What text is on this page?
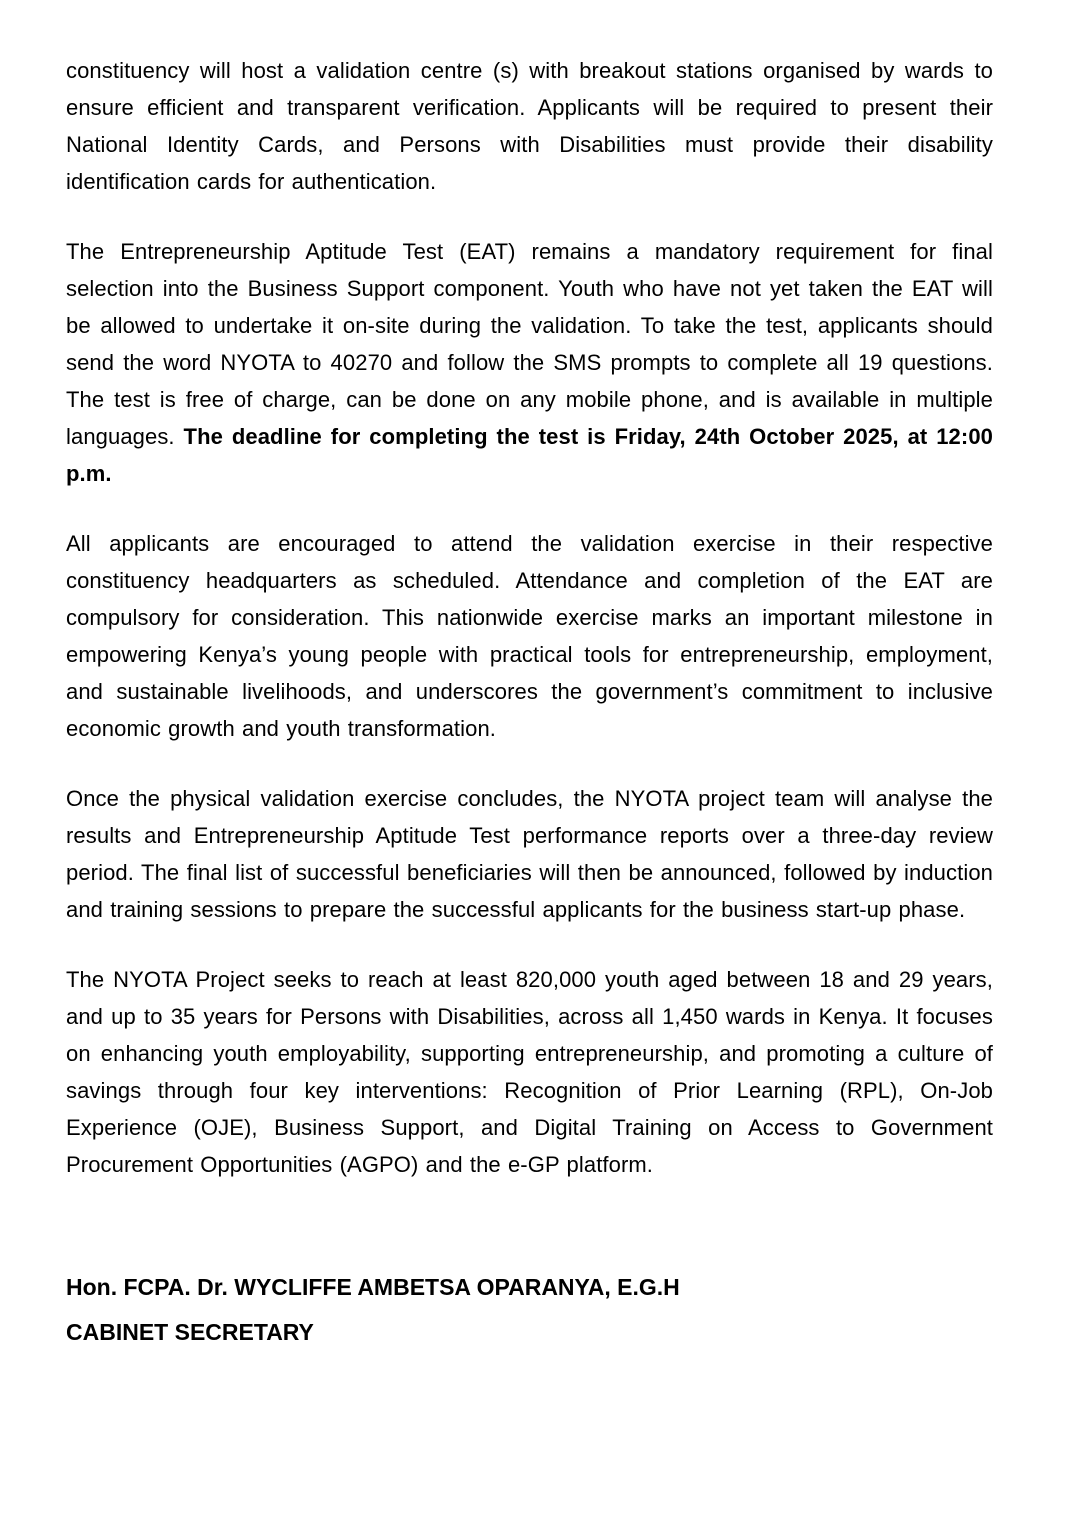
constituency will host a validation centre (s) with breakout stations organised by wards to ensure efficient and transparent verification. Applicants will be required to present their National Identity Cards, and Persons with Disabilities must provide their disability identification cards for authentication.

The Entrepreneurship Aptitude Test (EAT) remains a mandatory requirement for final selection into the Business Support component. Youth who have not yet taken the EAT will be allowed to undertake it on-site during the validation. To take the test, applicants should send the word NYOTA to 40270 and follow the SMS prompts to complete all 19 questions. The test is free of charge, can be done on any mobile phone, and is available in multiple languages. The deadline for completing the test is Friday, 24th October 2025, at 12:00 p.m.

All applicants are encouraged to attend the validation exercise in their respective constituency headquarters as scheduled. Attendance and completion of the EAT are compulsory for consideration. This nationwide exercise marks an important milestone in empowering Kenya’s young people with practical tools for entrepreneurship, employment, and sustainable livelihoods, and underscores the government’s commitment to inclusive economic growth and youth transformation.

Once the physical validation exercise concludes, the NYOTA project team will analyse the results and Entrepreneurship Aptitude Test performance reports over a three-day review period. The final list of successful beneficiaries will then be announced, followed by induction and training sessions to prepare the successful applicants for the business start-up phase.

The NYOTA Project seeks to reach at least 820,000 youth aged between 18 and 29 years, and up to 35 years for Persons with Disabilities, across all 1,450 wards in Kenya. It focuses on enhancing youth employability, supporting entrepreneurship, and promoting a culture of savings through four key interventions: Recognition of Prior Learning (RPL), On-Job Experience (OJE), Business Support, and Digital Training on Access to Government Procurement Opportunities (AGPO) and the e-GP platform.

Hon. FCPA. Dr. WYCLIFFE AMBETSA OPARANYA, E.G.H
CABINET SECRETARY
